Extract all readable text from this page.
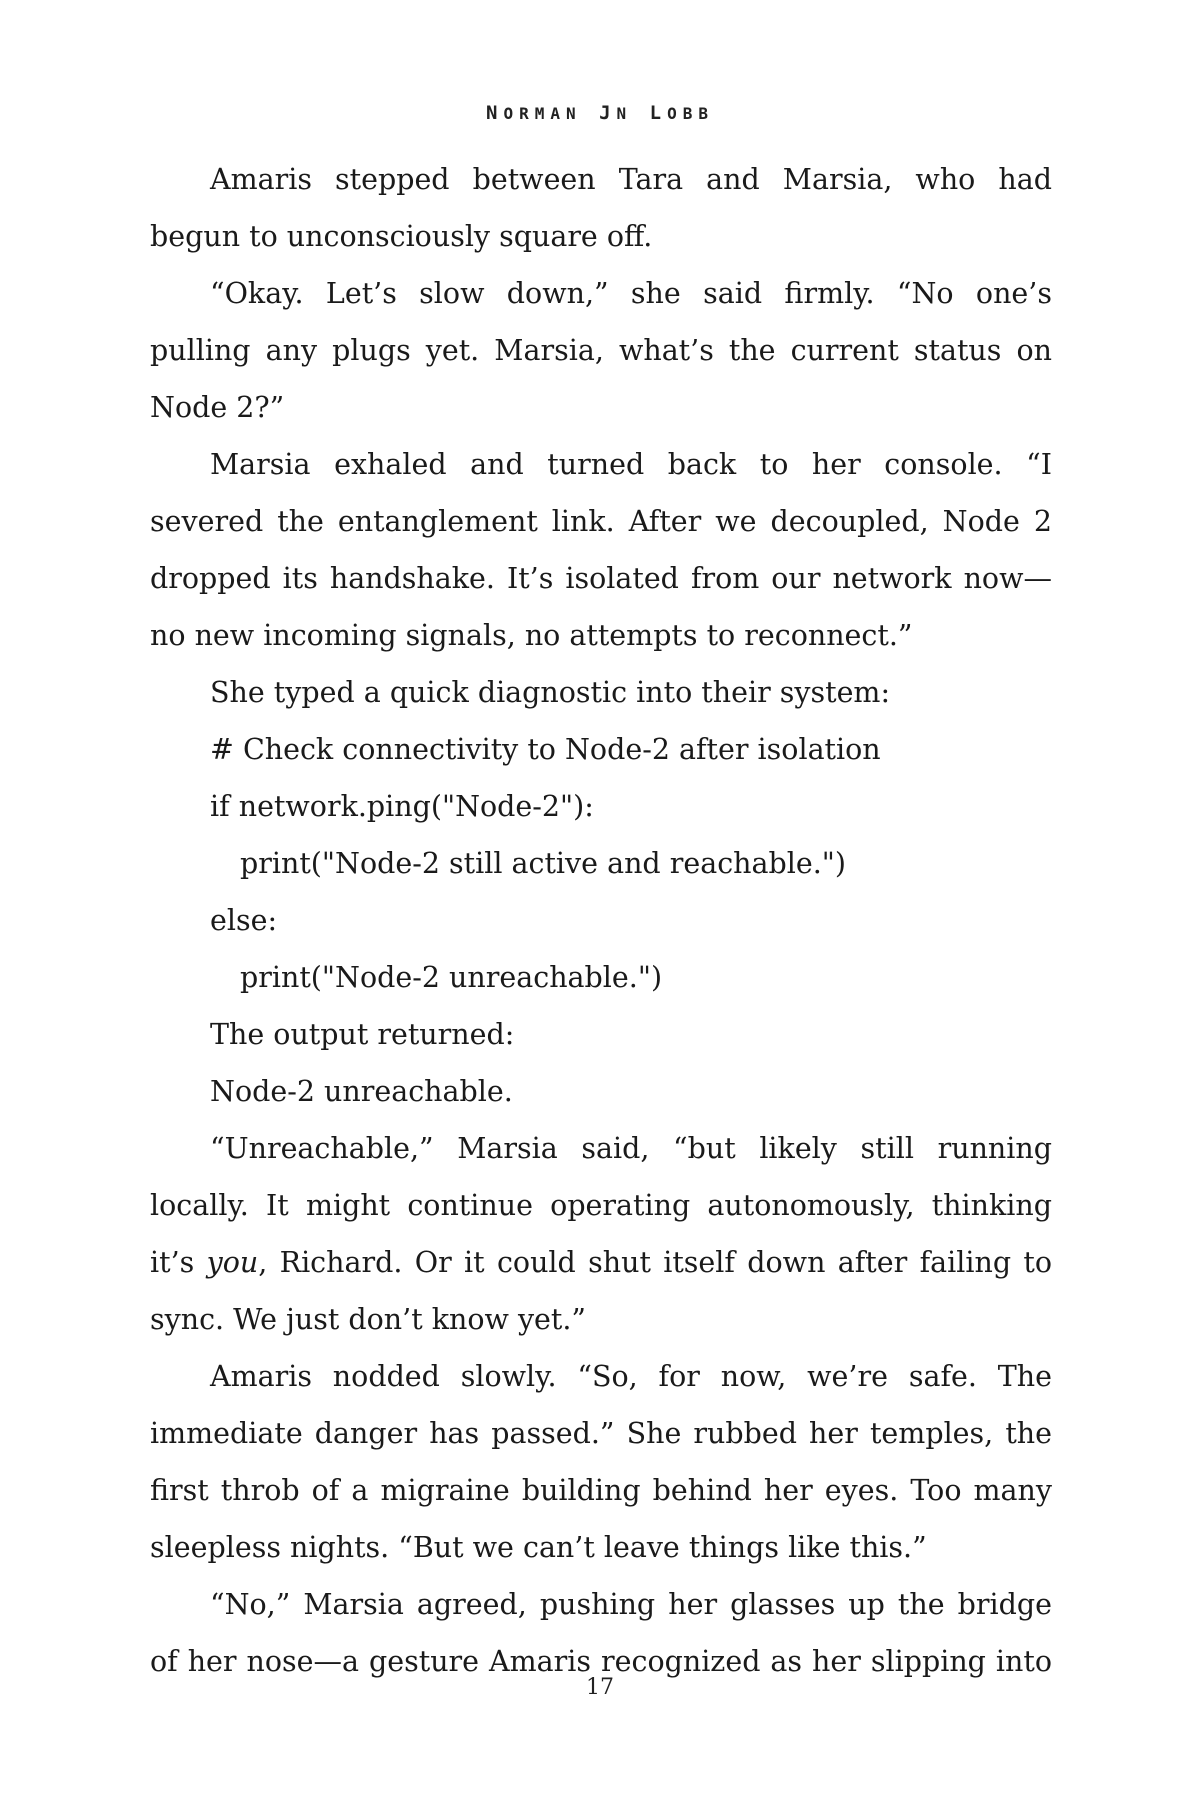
NORMAN JN LOBB

Amaris stepped between Tara and Marsia, who had begun to unconsciously square off.

“Okay. Let’s slow down,” she said firmly. “No one’s pulling any plugs yet. Marsia, what’s the current status on Node 2?”

Marsia exhaled and turned back to her console. “I severed the entanglement link. After we decoupled, Node 2 dropped its handshake. It’s isolated from our network now—no new incoming signals, no attempts to reconnect.”

She typed a quick diagnostic into their system:

# Check connectivity to Node-2 after isolation

if network.ping("Node-2"):

print("Node-2 still active and reachable.")

else:

print("Node-2 unreachable.")

The output returned:

Node-2 unreachable.

“Unreachable,” Marsia said, “but likely still running locally. It might continue operating autonomously, thinking it’s you, Richard. Or it could shut itself down after failing to sync. We just don’t know yet.”

Amaris nodded slowly. “So, for now, we’re safe. The immediate danger has passed.” She rubbed her temples, the first throb of a migraine building behind her eyes. Too many sleepless nights. “But we can’t leave things like this.”

“No,” Marsia agreed, pushing her glasses up the bridge of her nose—a gesture Amaris recognized as her slipping into

17
